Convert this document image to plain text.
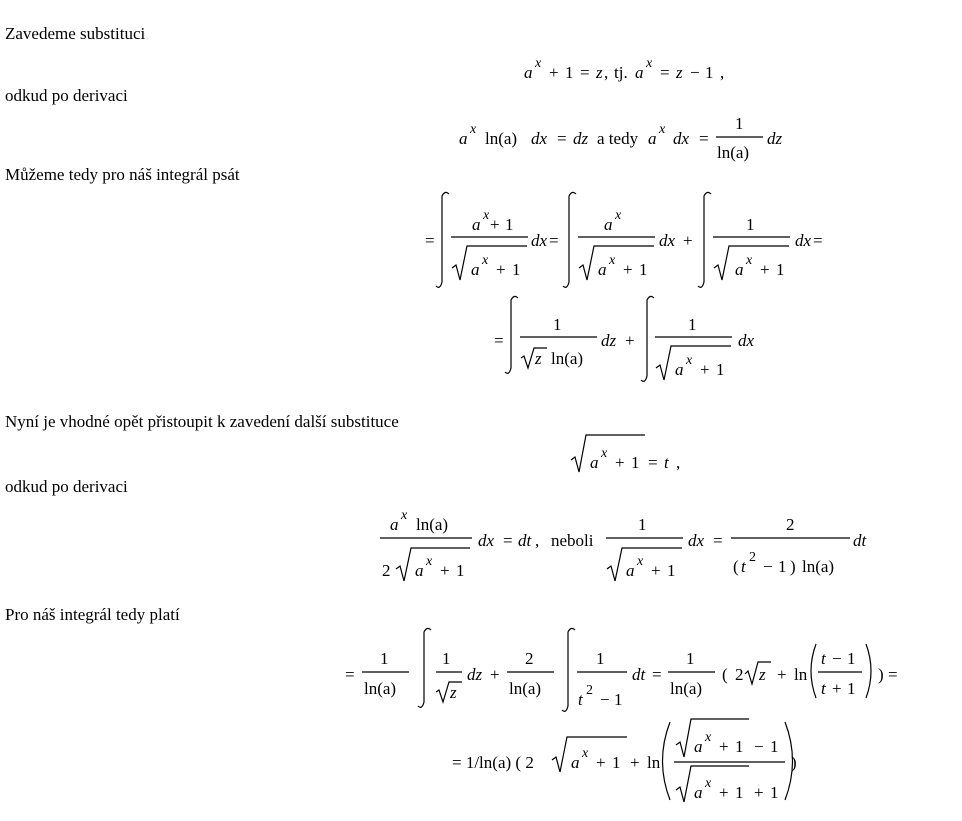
Zavedeme substituci
odkud po derivaci
Můžeme tedy pro náš integrál psát
Nyní je vhodné opět přistoupit k zavedení další substituce
odkud po derivaci
Pro náš integrál tedy platí
a x + 1 = z , tj. a x = z − 1 ,
a x ln(a) dx = dz a tedy a x dx =
1
ln(a)
dz
=
a x + 1
a x + 1
dx =
a x
a x + 1
dx +
1
a x + 1
dx =
=
1
z ln(a)
dz +
1
a x + 1
dx
a x + 1 = t ,
a x ln(a)
2 a x + 1
dx = dt , neboli
1
a x + 1
dx =
2
( t 2 − 1 ) ln(a)
dt
=
1
ln(a)
1
z
dz +
2
ln(a)
1
t 2 − 1
dt =
1
ln(a)
( 2 z + ln
t − 1
t + 1
) =
= 1/ln(a) ( 2 a x + 1 + ln
a x + 1 − 1
a x + 1 + 1
)
